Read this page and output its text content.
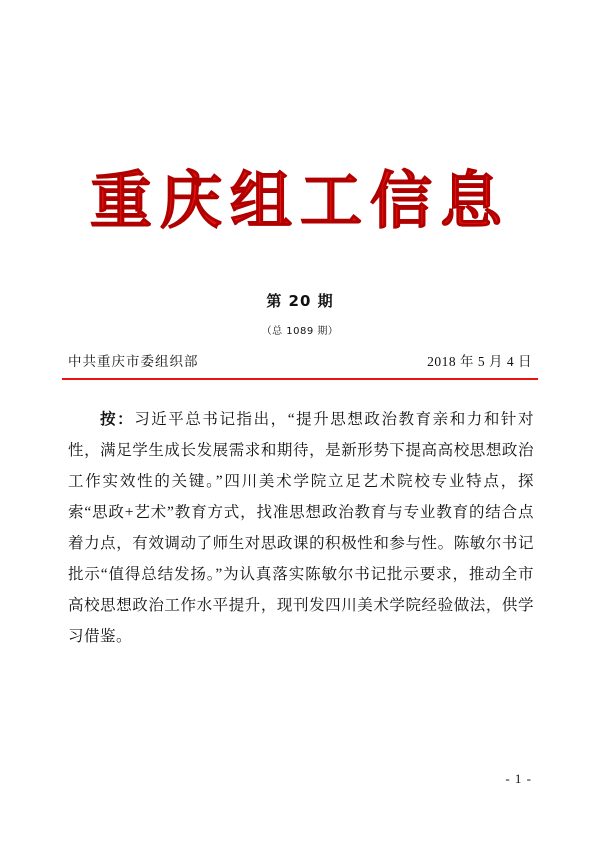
重庆组工信息
第 20 期
（总 1089 期）
中共重庆市委组织部	2018 年 5 月 4 日
按：习近平总书记指出，“提升思想政治教育亲和力和针对性，满足学生成长发展需求和期待，是新形势下提高高校思想政治工作实效性的关键。”四川美术学院立足艺术院校专业特点，探索“思政+艺术”教育方式，找准思想政治教育与专业教育的结合点着力点，有效调动了师生对思政课的积极性和参与性。陈敏尔书记批示“值得总结发扬。”为认真落实陈敏尔书记批示要求，推动全市高校思想政治工作水平提升，现刊发四川美术学院经验做法，供学习借鉴。
- 1 -
